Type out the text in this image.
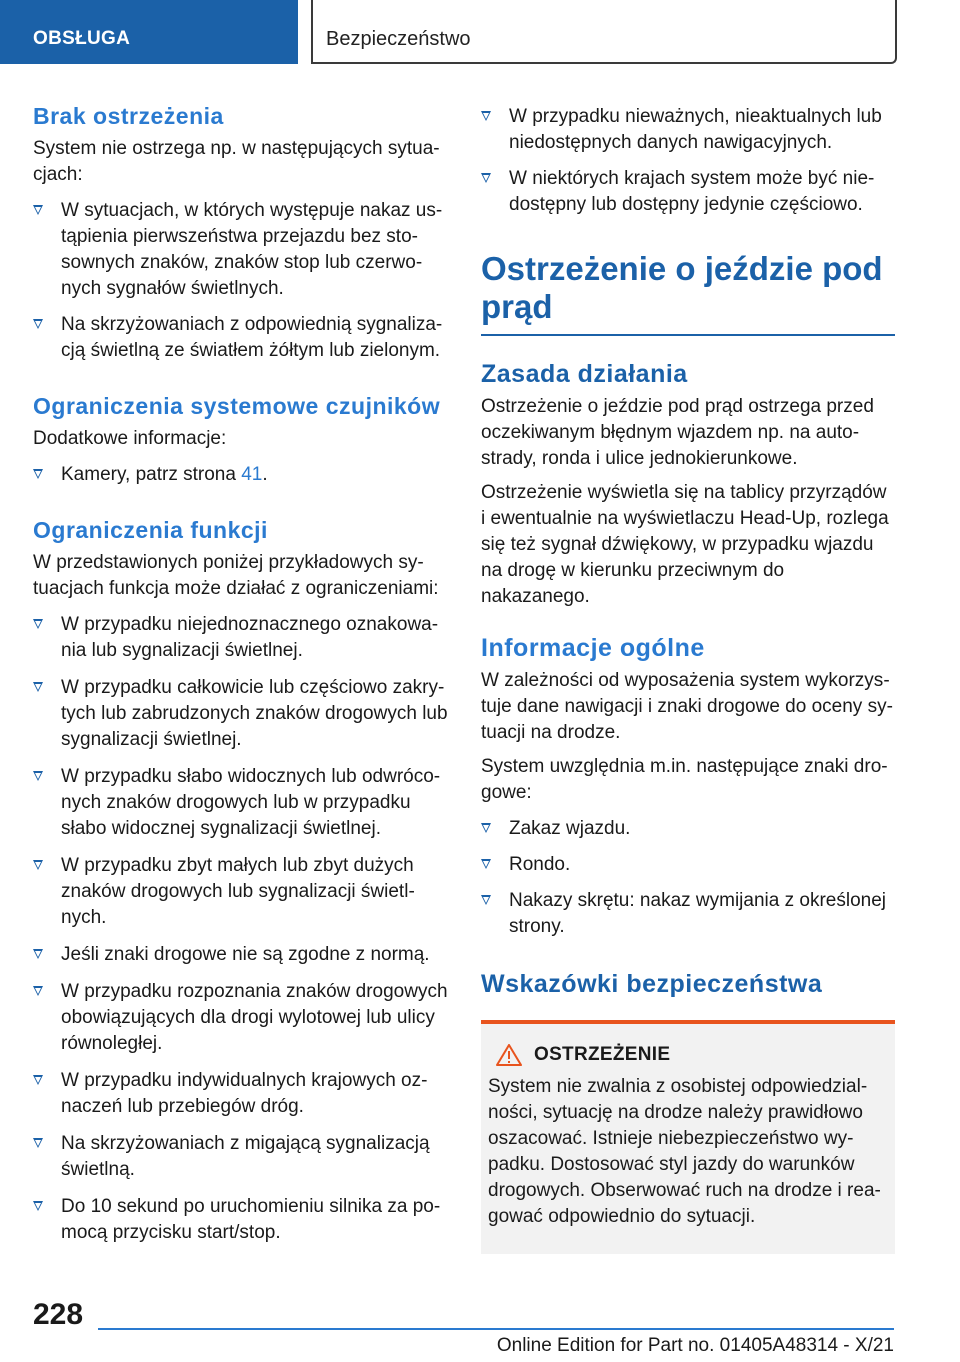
OBSŁUGA	Bezpieczeństwo
Brak ostrzeżenia

System nie ostrzega np. w następujących sytuacjach:

W sytuacjach, w których występuje nakaz ustąpienia pierwszeństwa przejazdu bez stosownych znaków, znaków stop lub czerwonych sygnałów świetlnych.
Na skrzyżowaniach z odpowiednią sygnalizacją świetlną ze światłem żółtym lub zielonym.
Ograniczenia systemowe czujników

Dodatkowe informacje:

Kamery, patrz strona 41.
Ograniczenia funkcji

W przedstawionych poniżej przykładowych sytuacjach funkcja może działać z ograniczeniami:

W przypadku niejednoznacznego oznakowania lub sygnalizacji świetlnej.
W przypadku całkowicie lub częściowo zakrytych lub zabrudzonych znaków drogowych lub sygnalizacji świetlnej.
W przypadku słabo widocznych lub odwróconych znaków drogowych lub w przypadku słabo widocznej sygnalizacji świetlnej.
W przypadku zbyt małych lub zbyt dużych znaków drogowych lub sygnalizacji świetlnych.
Jeśli znaki drogowe nie są zgodne z normą.
W przypadku rozpoznania znaków drogowych obowiązujących dla drogi wylotowej lub ulicy równoległej.
W przypadku indywidualnych krajowych oznaczeń lub przebiegów dróg.
Na skrzyżowaniach z migającą sygnalizacją świetlną.
Do 10 sekund po uruchomieniu silnika za pomocą przycisku start/stop.
W przypadku nieważnych, nieaktualnych lub niedostępnych danych nawigacyjnych.
W niektórych krajach system może być niedostępny lub dostępny jedynie częściowo.
Ostrzeżenie o jeździe pod prąd
Zasada działania

Ostrzeżenie o jeździe pod prąd ostrzega przed oczekiwanym błędnym wjazdem np. na autostrady, ronda i ulice jednokierunkowe.

Ostrzeżenie wyświetla się na tablicy przyrządów i ewentualnie na wyświetlaczu Head-Up, rozlega się też sygnał dźwiękowy, w przypadku wjazdu na drogę w kierunku przeciwnym do nakazanego.

Informacje ogólne

W zależności od wyposażenia system wykorzystuje dane nawigacji i znaki drogowe do oceny sytuacji na drodze.

System uwzględnia m.in. następujące znaki drogowe:

Zakaz wjazdu.
Rondo.
Nakazy skrętu: nakaz wymijania z określonej strony.
Wskazówki bezpieczeństwa
OSTRZEŻENIE

System nie zwalnia z osobistej odpowiedzialności, sytuację na drodze należy prawidłowo oszacować. Istnieje niebezpieczeństwo wypadku. Dostosować styl jazdy do warunków drogowych. Obserwować ruch na drodze i reagować odpowiednio do sytuacji.

228
Online Edition for Part no. 01405A48314 - X/21
